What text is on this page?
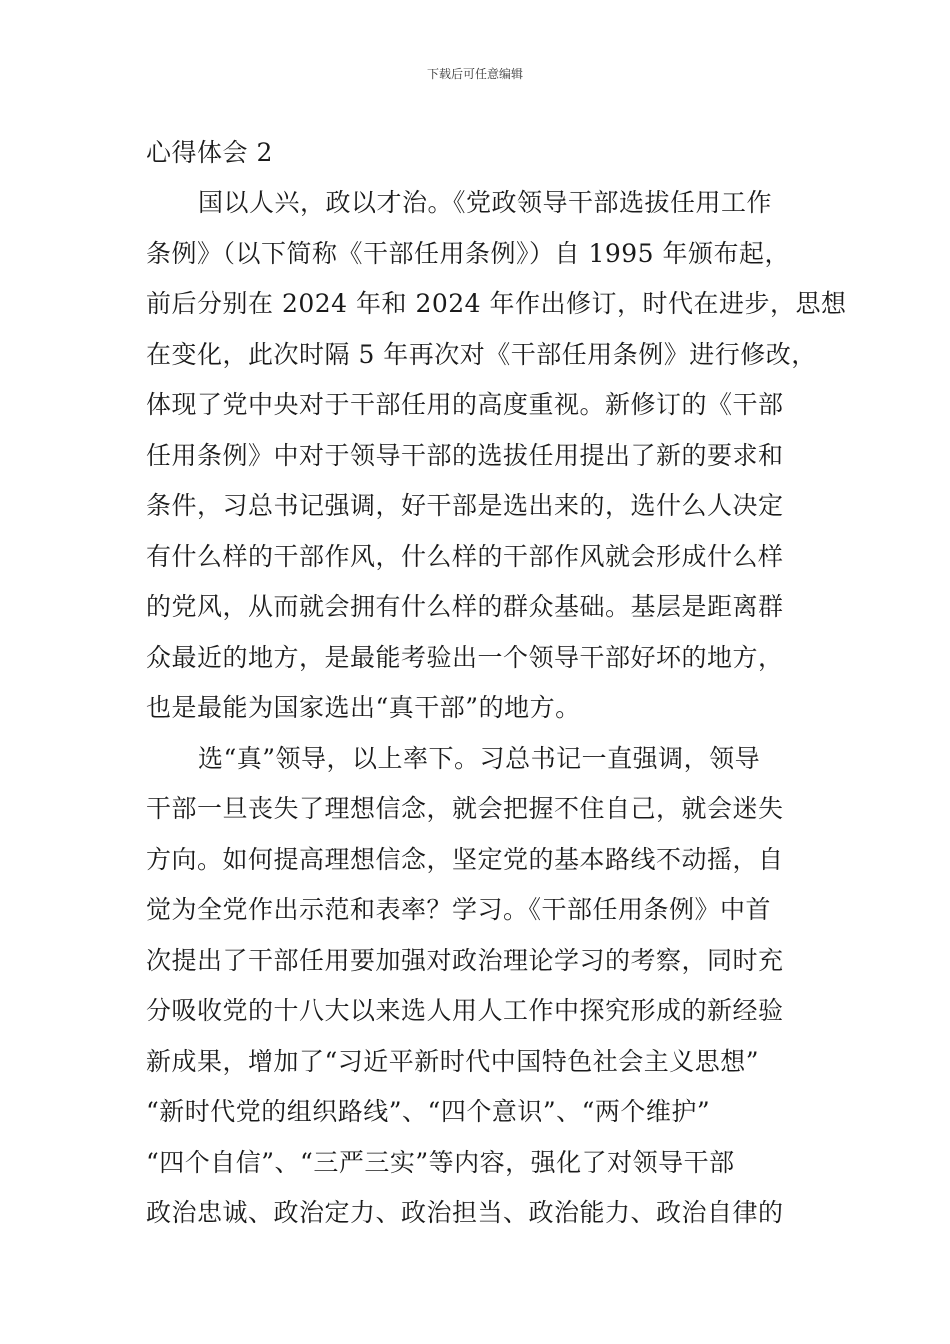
下载后可任意编辑
心得体会 2

国以人兴，政以才治。《党政领导干部选拔任用工作

条例》（以下简称《干部任用条例》）自 1995 年颁布起，

前后分别在 2024 年和 2024 年作出修订，时代在进步，思想

在变化，此次时隔 5 年再次对《干部任用条例》进行修改，

体现了党中央对于干部任用的高度重视。新修订的《干部

任用条例》中对于领导干部的选拔任用提出了新的要求和

条件，习总书记强调，好干部是选出来的，选什么人决定

有什么样的干部作风，什么样的干部作风就会形成什么样

的党风，从而就会拥有什么样的群众基础。基层是距离群

众最近的地方，是最能考验出一个领导干部好坏的地方，

也是最能为国家选出“真干部”的地方。

选“真”领导，以上率下。习总书记一直强调，领导

干部一旦丧失了理想信念，就会把握不住自己，就会迷失

方向。如何提高理想信念，坚定党的基本路线不动摇，自

觉为全党作出示范和表率？学习。《干部任用条例》中首

次提出了干部任用要加强对政治理论学习的考察，同时充

分吸收党的十八大以来选人用人工作中探究形成的新经验

新成果，增加了“习近平新时代中国特色社会主义思想”

“新时代党的组织路线”、“四个意识”、“两个维护”

“四个自信”、“三严三实”等内容，强化了对领导干部

政治忠诚、政治定力、政治担当、政治能力、政治自律的
